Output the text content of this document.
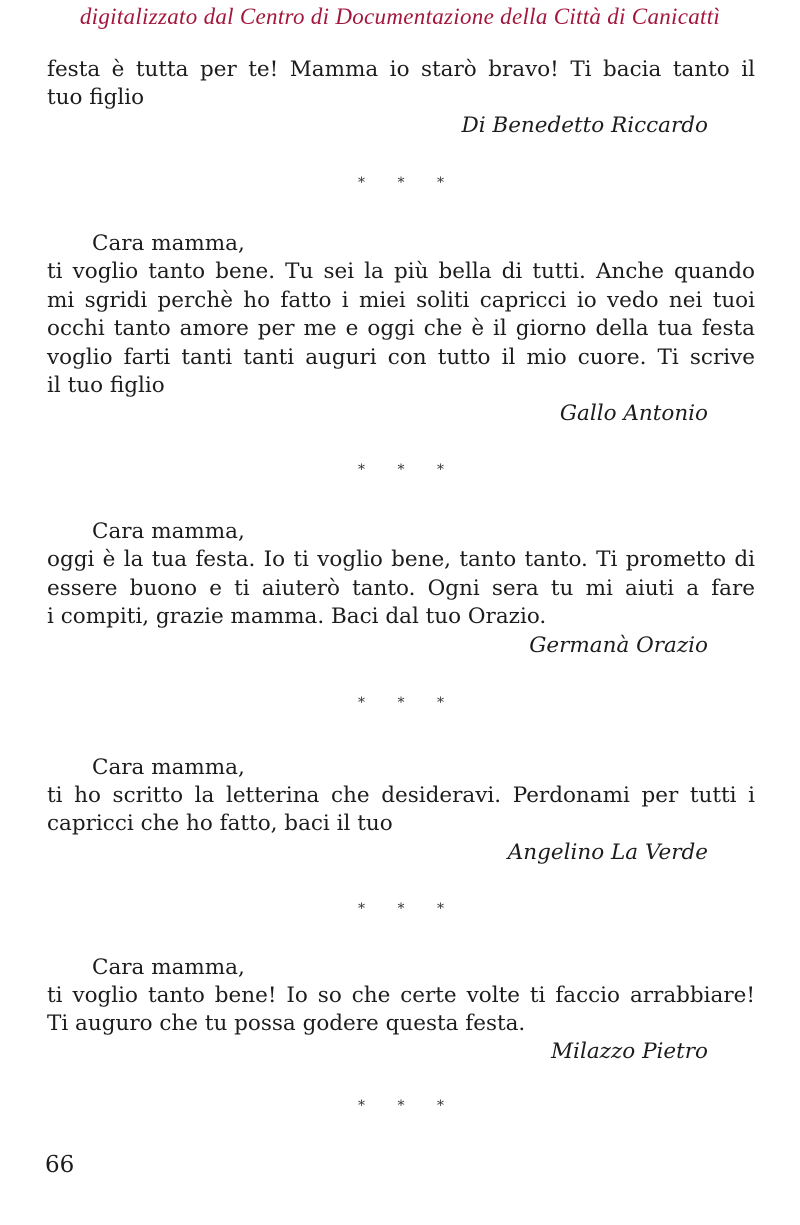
digitalizzato dal Centro di Documentazione della Città di Canicattì
festa è tutta per te! Mamma io starò bravo! Ti bacia tanto il
tuo figlio
Di Benedetto Riccardo
* * *
Cara mamma,
ti voglio tanto bene. Tu sei la più bella di tutti. Anche quando
mi sgridi perchè ho fatto i miei soliti capricci io vedo nei tuoi
occhi tanto amore per me e oggi che è il giorno della tua festa
voglio farti tanti tanti auguri con tutto il mio cuore. Ti scrive
il tuo figlio
Gallo Antonio
* * *
Cara mamma,
oggi è la tua festa. Io ti voglio bene, tanto tanto. Ti prometto di
essere buono e ti aiuterò tanto. Ogni sera tu mi aiuti a fare
i compiti, grazie mamma. Baci dal tuo Orazio.
Germanà Orazio
* * *
Cara mamma,
ti ho scritto la letterina che desideravi. Perdonami per tutti i
capricci che ho fatto, baci il tuo
Angelino La Verde
* * *
Cara mamma,
ti voglio tanto bene! Io so che certe volte ti faccio arrabbiare!
Ti auguro che tu possa godere questa festa.
Milazzo Pietro
* * *
66
